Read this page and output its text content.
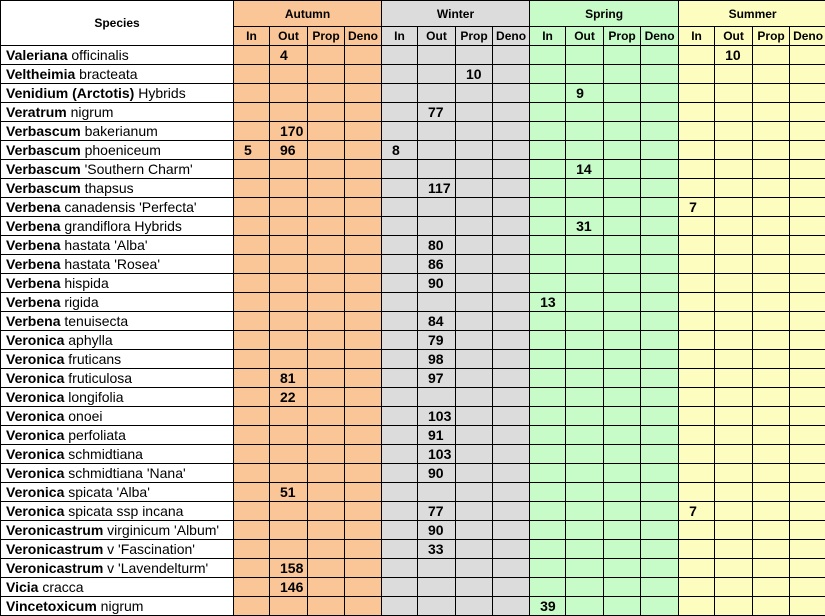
Species	Autumn				Winter				Spring				Summer			
	In	Out	Prop	Deno	In	Out	Prop	Deno	In	Out	Prop	Deno	In	Out	Prop	Deno
Valeriana officinalis		4												10		
Veltheimia bracteata							10									
Venidium (Arctotis) Hybrids										9						
Veratrum nigrum						77										
Verbascum bakerianum		170														
Verbascum phoeniceum	5	96			8											
Verbascum 'Southern Charm'										14						
Verbascum thapsus						117										
Verbena canadensis 'Perfecta'													7			
Verbena grandiflora Hybrids										31						
Verbena hastata 'Alba'						80										
Verbena hastata 'Rosea'						86										
Verbena hispida						90										
Verbena rigida									13							
Verbena tenuisecta						84										
Veronica aphylla						79										
Veronica fruticans						98										
Veronica fruticulosa		81				97										
Veronica longifolia		22														
Veronica onoei						103										
Veronica perfoliata						91										
Veronica schmidtiana						103										
Veronica schmidtiana 'Nana'						90										
Veronica spicata 'Alba'		51														
Veronica spicata ssp incana						77							7			
Veronicastrum virginicum 'Album'						90										
Veronicastrum v 'Fascination'						33										
Veronicastrum v 'Lavendelturm'		158														
Vicia cracca		146														
Vincetoxicum nigrum									39							
